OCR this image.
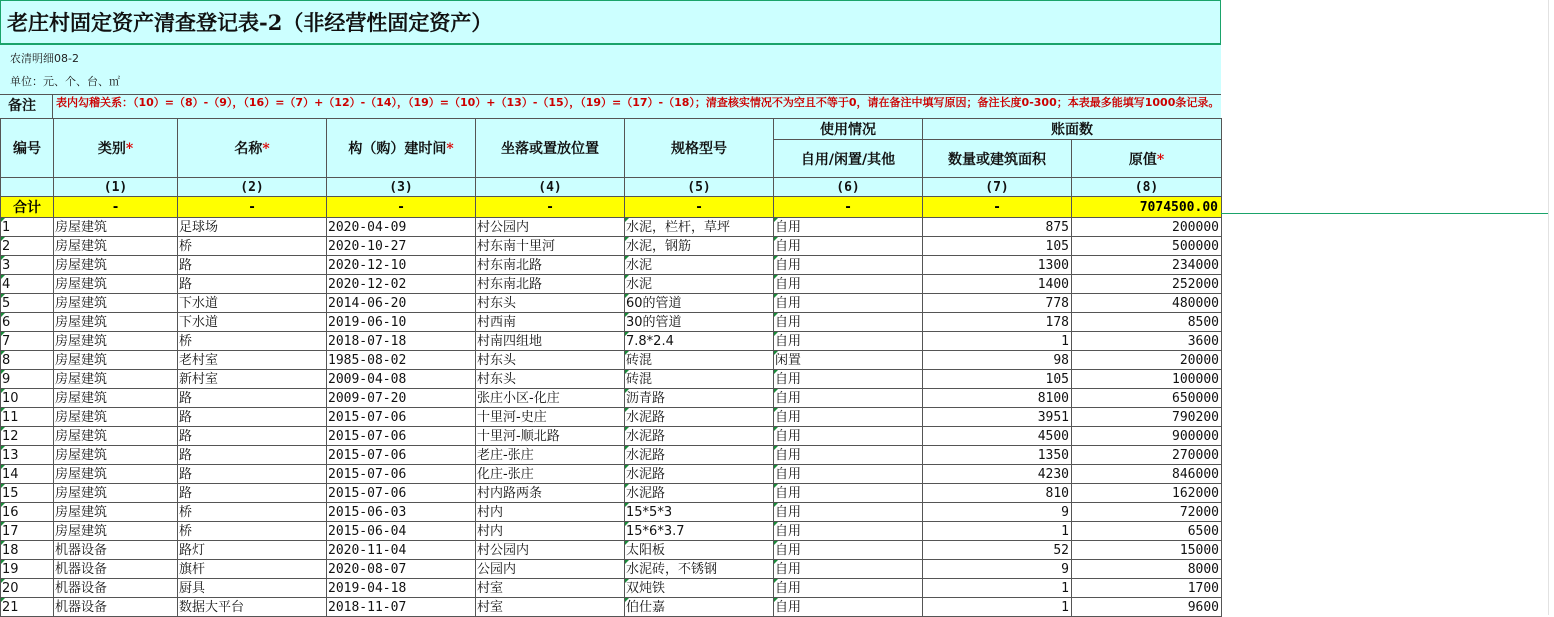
老庄村固定资产清查登记表-2（非经营性固定资产）
农清明细08-2
单位：元、个、台、㎡
备注	表内勾稽关系：（10）=（8）-（9），（16）=（7）+（12）-（14），（19）=（10）+（13）-（15），（19）=（17）-（18）；清查核实情况不为空且不等于0，请在备注中填写原因；备注长度0-300；本表最多能填写1000条记录。
编号	类别*	名称*	构（购）建时间*	坐落或置放位置	规格型号	使用情况	账面数	
						自用/闲置/其他	数量或建筑面积	原值*
	(1)	(2)	(3)	(4)	(5)	(6)	(7)	(8)
合计	-	-	-	-	-	-	-	7074500.00
1	房屋建筑	足球场	2020-04-09	村公园内	水泥，栏杆，草坪	自用	875	200000
2	房屋建筑	桥	2020-10-27	村东南十里河	水泥，钢筋	自用	105	500000
3	房屋建筑	路	2020-12-10	村东南北路	水泥	自用	1300	234000
4	房屋建筑	路	2020-12-02	村东南北路	水泥	自用	1400	252000
5	房屋建筑	下水道	2014-06-20	村东头	60的管道	自用	778	480000
6	房屋建筑	下水道	2019-06-10	村西南	30的管道	自用	178	8500
7	房屋建筑	桥	2018-07-18	村南四组地	7.8*2.4	自用	1	3600
8	房屋建筑	老村室	1985-08-02	村东头	砖混	闲置	98	20000
9	房屋建筑	新村室	2009-04-08	村东头	砖混	自用	105	100000
10	房屋建筑	路	2009-07-20	张庄小区-化庄	沥青路	自用	8100	650000
11	房屋建筑	路	2015-07-06	十里河-史庄	水泥路	自用	3951	790200
12	房屋建筑	路	2015-07-06	十里河-顺北路	水泥路	自用	4500	900000
13	房屋建筑	路	2015-07-06	老庄-张庄	水泥路	自用	1350	270000
14	房屋建筑	路	2015-07-06	化庄-张庄	水泥路	自用	4230	846000
15	房屋建筑	路	2015-07-06	村内路两条	水泥路	自用	810	162000
16	房屋建筑	桥	2015-06-03	村内	15*5*3	自用	9	72000
17	房屋建筑	桥	2015-06-04	村内	15*6*3.7	自用	1	6500
18	机器设备	路灯	2020-11-04	村公园内	太阳板	自用	52	15000
19	机器设备	旗杆	2020-08-07	公园内	水泥砖，不锈钢	自用	9	8000
20	机器设备	厨具	2019-04-18	村室	双炖铁	自用	1	1700
21	机器设备	数据大平台	2018-11-07	村室	伯仕嘉	自用	1	9600
